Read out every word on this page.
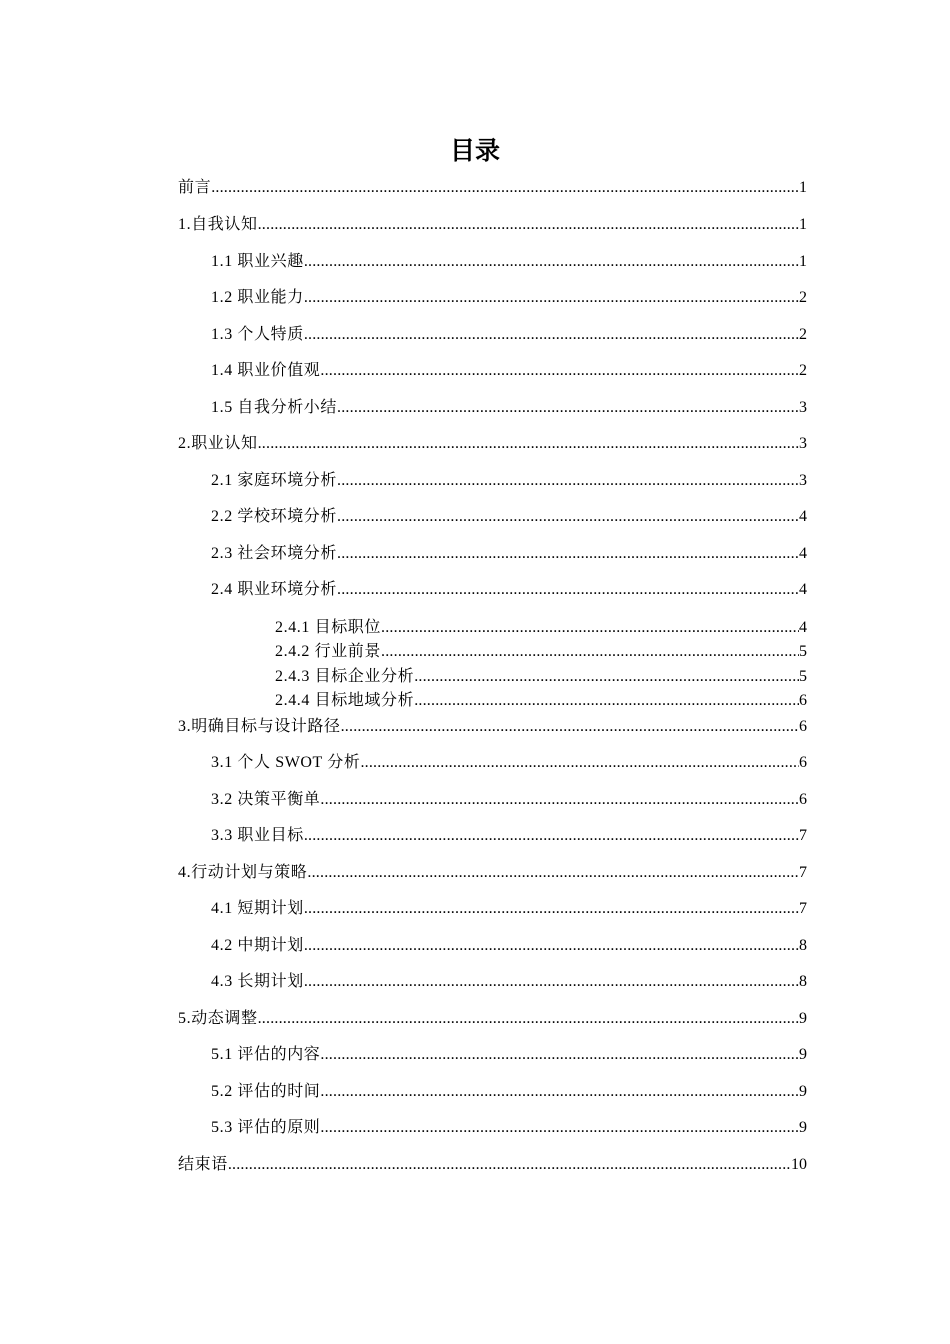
目录
前言 .....	1
1.自我认知 .....	1
1.1 职业兴趣 .....	1
1.2 职业能力 .....	2
1.3 个人特质 .....	2
1.4 职业价值观 .....	2
1.5 自我分析小结 .....	3
2.职业认知 .....	3
2.1 家庭环境分析 .....	3
2.2 学校环境分析 .....	4
2.3 社会环境分析 .....	4
2.4 职业环境分析 .....	4
2.4.1 目标职位 .....	4
2.4.2 行业前景 .....	5
2.4.3 目标企业分析 .....	5
2.4.4 目标地域分析 .....	6
3.明确目标与设计路径 .....	6
3.1 个人 SWOT 分析 .....	6
3.2 决策平衡单 .....	6
3.3 职业目标 .....	7
4.行动计划与策略 .....	7
4.1 短期计划 .....	7
4.2 中期计划 .....	8
4.3 长期计划 .....	8
5.动态调整 .....	9
5.1 评估的内容 .....	9
5.2 评估的时间 .....	9
5.3 评估的原则 .....	9
结束语 .....	10
